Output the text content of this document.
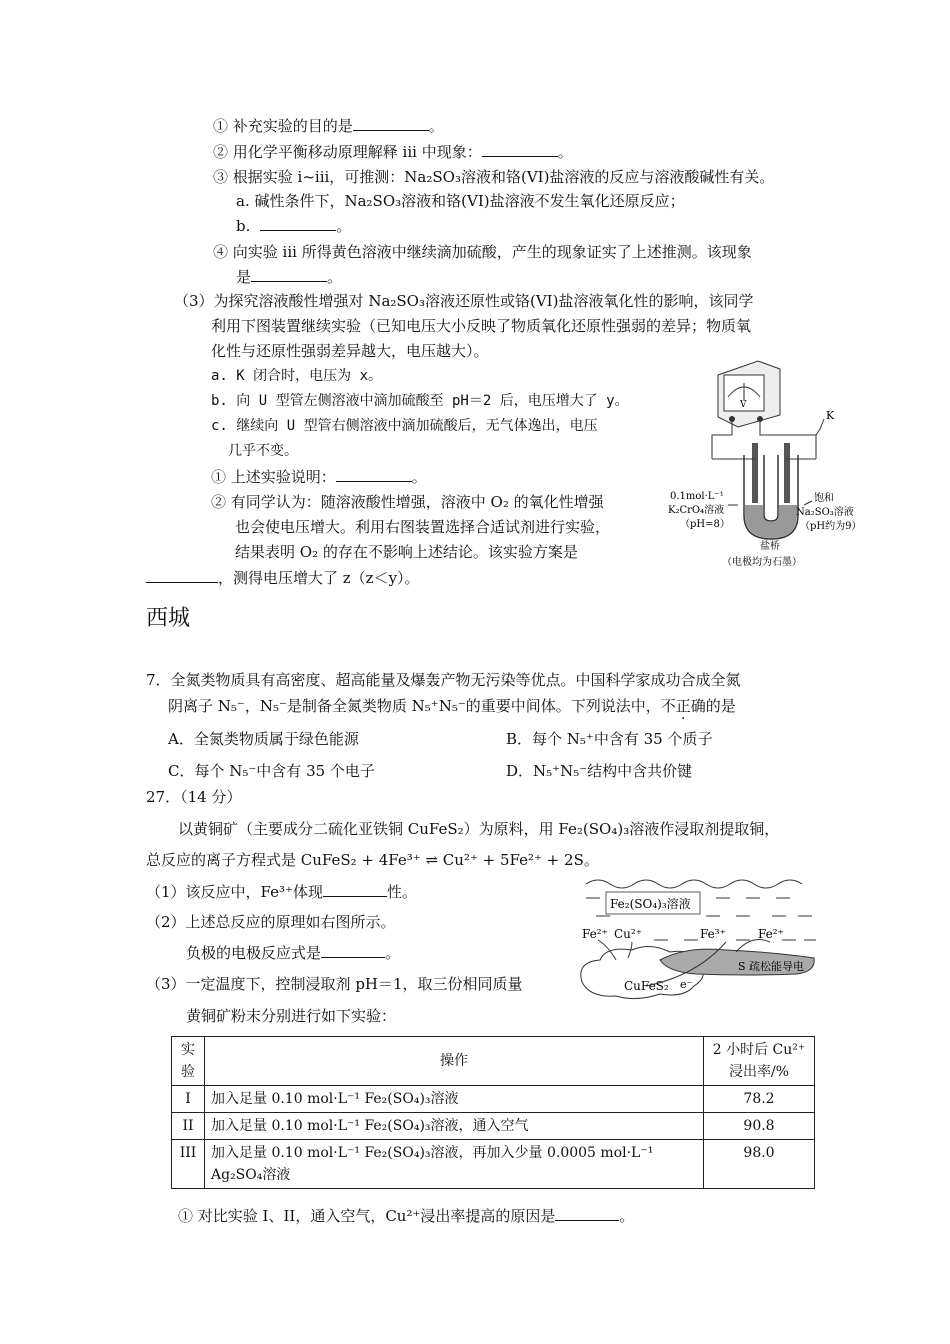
① 补充实验的目的是	。
② 用化学平衡移动原理解释 iii 中现象：	。
③ 根据实验 i~iii，可推测：Na₂SO₃溶液和铬(VI)盐溶液的反应与溶液酸碱性有关。
a. 碱性条件下，Na₂SO₃溶液和铬(VI)盐溶液不发生氧化还原反应；
b.	。
④ 向实验 iii 所得黄色溶液中继续滴加硫酸，产生的现象证实了上述推测。该现象
是	。
（3）为探究溶液酸性增强对 Na₂SO₃溶液还原性或铬(VI)盐溶液氧化性的影响，该同学
利用下图装置继续实验（已知电压大小反映了物质氧化还原性强弱的差异；物质氧
化性与还原性强弱差异越大，电压越大）。
a. K 闭合时，电压为 x。
b. 向 U 型管左侧溶液中滴加硫酸至 pH＝2 后，电压增大了 y。
c. 继续向 U 型管右侧溶液中滴加硫酸后，无气体逸出，电压
几乎不变。
① 上述实验说明：	。
② 有同学认为：随溶液酸性增强，溶液中 O₂ 的氧化性增强
也会使电压增大。利用右图装置选择合适试剂进行实验，
结果表明 O₂ 的存在不影响上述结论。该实验方案是
，测得电压增大了 z（z＜y）。
V
K
0.1mol·L⁻¹
K₂CrO₄溶液
（pH=8）
饱和
Na₂SO₃溶液
（pH约为9）
盐桥
（电极均为石墨）
西城
7．全氮类物质具有高密度、超高能量及爆轰产物无污染等优点。中国科学家成功合成全氮
阴离子 N₅⁻，N₅⁻是制备全氮类物质 N₅⁺N₅⁻的重要中间体。下列说法中，不正确的是
A．全氮类物质属于绿色能源	B．每个 N₅⁺中含有 35 个质子
C．每个 N₅⁻中含有 35 个电子	D．N₅⁺N₅⁻结构中含共价键
27．（14 分）
以黄铜矿（主要成分二硫化亚铁铜 CuFeS₂）为原料，用 Fe₂(SO₄)₃溶液作浸取剂提取铜，
总反应的离子方程式是 CuFeS₂ + 4Fe³⁺ ⇌ Cu²⁺ + 5Fe²⁺ + 2S。
（1）该反应中，Fe³⁺体现	性。
（2）上述总反应的原理如右图所示。
负极的电极反应式是	。
（3）一定温度下，控制浸取剂 pH＝1，取三份相同质量
黄铜矿粉末分别进行如下实验：
Fe₂(SO₄)₃溶液
Fe²⁺ Cu²⁺	Fe³⁺	Fe²⁺
CuFeS₂
S 疏松能导电
e⁻
实验	操作	2 小时后 Cu²⁺浸出率/%
I	加入足量 0.10 mol·L⁻¹ Fe₂(SO₄)₃溶液	78.2
II	加入足量 0.10 mol·L⁻¹ Fe₂(SO₄)₃溶液，通入空气	90.8
III	加入足量 0.10 mol·L⁻¹ Fe₂(SO₄)₃溶液，再加入少量 0.0005 mol·L⁻¹ Ag₂SO₄溶液	98.0
① 对比实验 I、II，通入空气，Cu²⁺浸出率提高的原因是	。
